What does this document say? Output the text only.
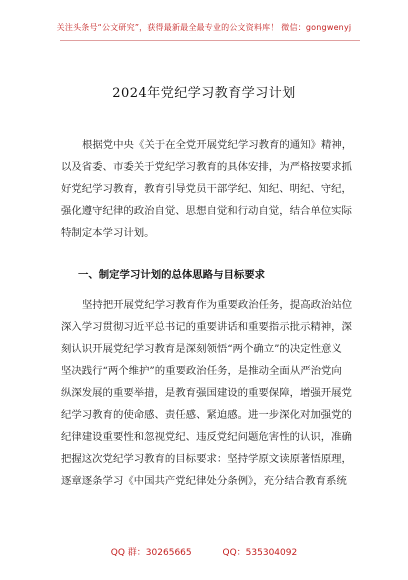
关注头条号“公文研究”，获得最新最全最专业的公文资料库！ 微信：gongwenyj
2024年党纪学习教育学习计划
根据党中央《关于在全党开展党纪学习教育的通知》精神，
以及省委、市委关于党纪学习教育的具体安排，为严格按要求抓
好党纪学习教育，教育引导党员干部学纪、知纪、明纪、守纪，
强化遵守纪律的政治自觉、思想自觉和行动自觉，结合单位实际
特制定本学习计划。
一、制定学习计划的总体思路与目标要求
坚持把开展党纪学习教育作为重要政治任务，提高政治站位
深入学习贯彻习近平总书记的重要讲话和重要指示批示精神，深
刻认识开展党纪学习教育是深刻领悟“两个确立”的决定性意义
坚决践行“两个维护”的重要政治任务，是推动全面从严治党向
纵深发展的重要举措，是教育强国建设的重要保障，增强开展党
纪学习教育的使命感、责任感、紧迫感。进一步深化对加强党的
纪律建设重要性和忽视党纪、违反党纪问题危害性的认识，准确
把握这次党纪学习教育的目标要求：坚持学原文读原著悟原理，
逐章逐条学习《中国共产党纪律处分条例》，充分结合教育系统
QQ 群：30265665	QQ：535304092
